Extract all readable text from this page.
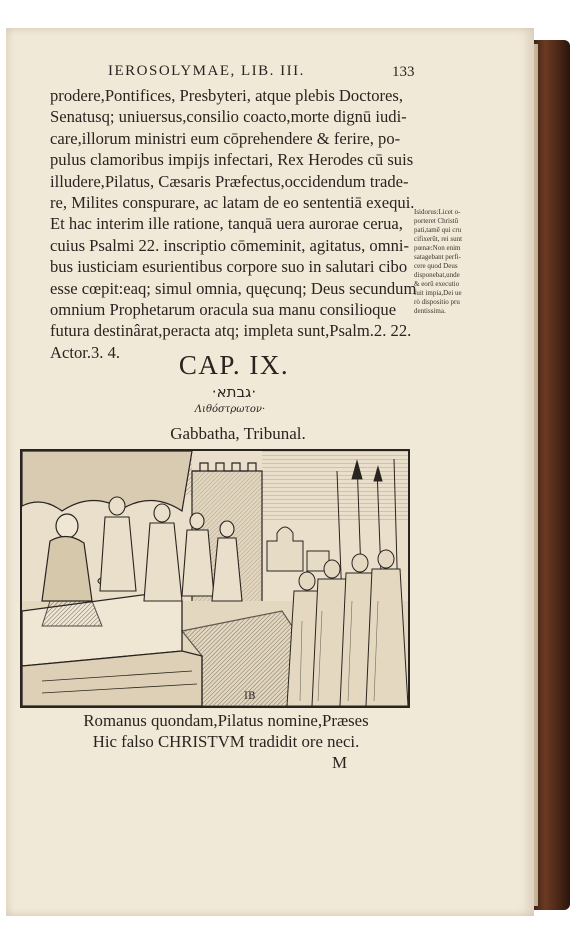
IEROSOLYMAE, LIB. III.	133
prodere,Pontifices, Presbyteri, atque plebis Doctores,
Senatusq; uniuersus,consilio coacto,morte dignū iudi-
care,illorum ministri eum cōprehendere & ferire, po-
pulus clamoribus impijs infectari, Rex Herodes cū suis
illudere,Pilatus, Cæsaris Præfectus,occidendum trade-
re, Milites conspurare, ac latam de eo sententiā exequi.
Et hac interim ille ratione, tanquā uera aurorae cerua,
cuius Psalmi 22. inscriptio cōmeminit, agitatus, omni-
bus iusticiam esurientibus corpore suo in salutari cibo
esse cœpit:eaq; simul omnia, quęcunq; Deus secundum
omnium Prophetarum oracula sua manu consilioque
futura destinârat,peracta atq; impleta sunt,Psalm.2. 22.
Actor.3. 4.
Isidorus:Licet o-
porteret Christū
pati,tamē qui cru
cifixerūt, rei sunt
pœnæ:Non enim
satagebant perfi-
cere quod Deus
disponebat,unde
& eorū executio
fuit impia,Dei ue
rò dispositio pru
dentissima.
CAP. IX.
·גבתא·
Λιθόστρωτον·
Gabbatha, Tribunal.
IB
Romanus quondam,Pilatus nomine,Præses
Hic falso CHRISTVM tradidit ore neci.
M
